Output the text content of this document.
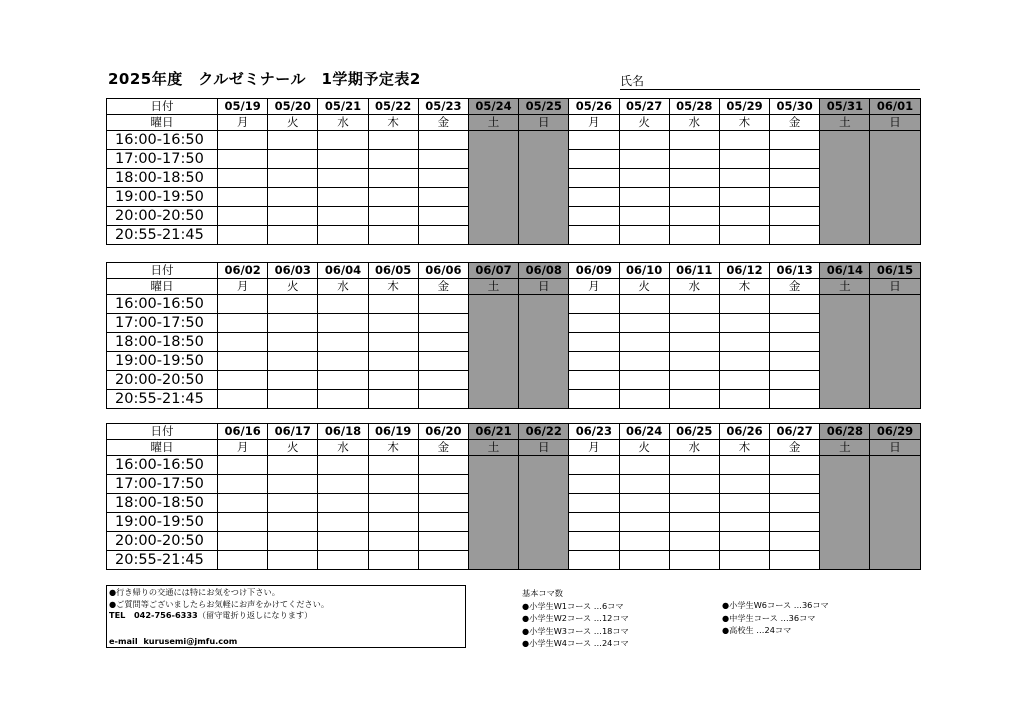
2025年度　クルゼミナール　1学期予定表2	氏名
日付	05/19	05/20	05/21	05/22	05/23	05/24	05/25	05/26	05/27	05/28	05/29	05/30	05/31	06/01
曜日	月	火	水	木	金	土	日	月	火	水	木	金	土	日
16:00-16:50														
17:00-17:50														
18:00-18:50														
19:00-19:50														
20:00-20:50														
20:55-21:45														
日付	06/02	06/03	06/04	06/05	06/06	06/07	06/08	06/09	06/10	06/11	06/12	06/13	06/14	06/15
曜日	月	火	水	木	金	土	日	月	火	水	木	金	土	日
16:00-16:50														
17:00-17:50														
18:00-18:50														
19:00-19:50														
20:00-20:50														
20:55-21:45														
日付	06/16	06/17	06/18	06/19	06/20	06/21	06/22	06/23	06/24	06/25	06/26	06/27	06/28	06/29
曜日	月	火	水	木	金	土	日	月	火	水	木	金	土	日
16:00-16:50														
17:00-17:50														
18:00-18:50														
19:00-19:50														
20:00-20:50														
20:55-21:45														
●行き帰りの交通には特にお気をつけ下さい。
●ご質問等ございましたらお気軽にお声をかけてください。
TEL 042-756-6333（留守電折り返しになります）
e-mail kurusemi@jmfu.com
基本コマ数
●小学生W1コース …6コマ
●小学生W2コース …12コマ
●小学生W3コース …18コマ
●小学生W4コース …24コマ
●小学生W6コース …36コマ
●中学生コース …36コマ
●高校生 …24コマ
